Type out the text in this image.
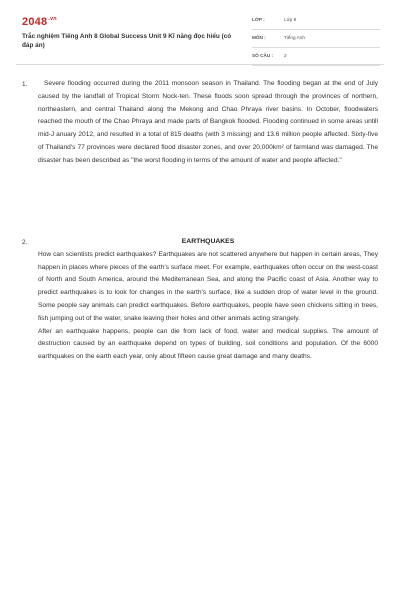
$2048^{.vn}$
Trắc nghiệm Tiếng Anh 8 Global Success Unit 9 Kĩ năng đọc hiểu (có đáp án)
LỚP :	Lớp 8
MÔN :	Tiếng Anh
SỐ CÂU : 2
1.	Severe flooding occurred during the 2011 monsoon season in Thailand. The flooding began at the end of July caused by the landfall of Tropical Storm Nock-ten. These floods soon spread through the provinces of northern, northeastern, and central Thailand along the Mekong and Chao Phraya river basins. In October, floodwaters reached the mouth of the Chao Phraya and made parts of Bangkok flooded. Flooding continued in some areas untill mid-J anuary 2012, and resulted in a total of 815 deaths (with 3 missing) and 13.6 million people affected. Sixty-five of Thailand's 77 provinces were declared flood disaster zones, and over 20,000km² of farmland was damaged. The disaster has been described as "the worst flooding in terms of the amount of water and people affected."

2.	EARTHQUAKES

How can scientists predict earthquakes? Earthquakes are not scattered anywhere but happen in certain areas, They happen in places where pieces of the earth's surface meet. For example, earthquakes often occur on the west-coast of North and South America, around the Mediterranean Sea, and along the Pacific coast of Asia. Another way to predict earthquakes is to look for changes in the earth's surface, like a sudden drop of water level in the ground. Some people say animals can predict earthquakes. Before earthquakes, people have seen chickens sitting in trees, fish jumping out of the water, snake leaving their holes and other animals acting strangely.

After an earthquake happens, people can die from lack of food, water and medical supplies. The amount of destruction caused by an earthquake depend on types of building, soil conditions and population. Of the 6000 earthquakes on the earth each year, only about fifteen cause great damage and many deaths.
